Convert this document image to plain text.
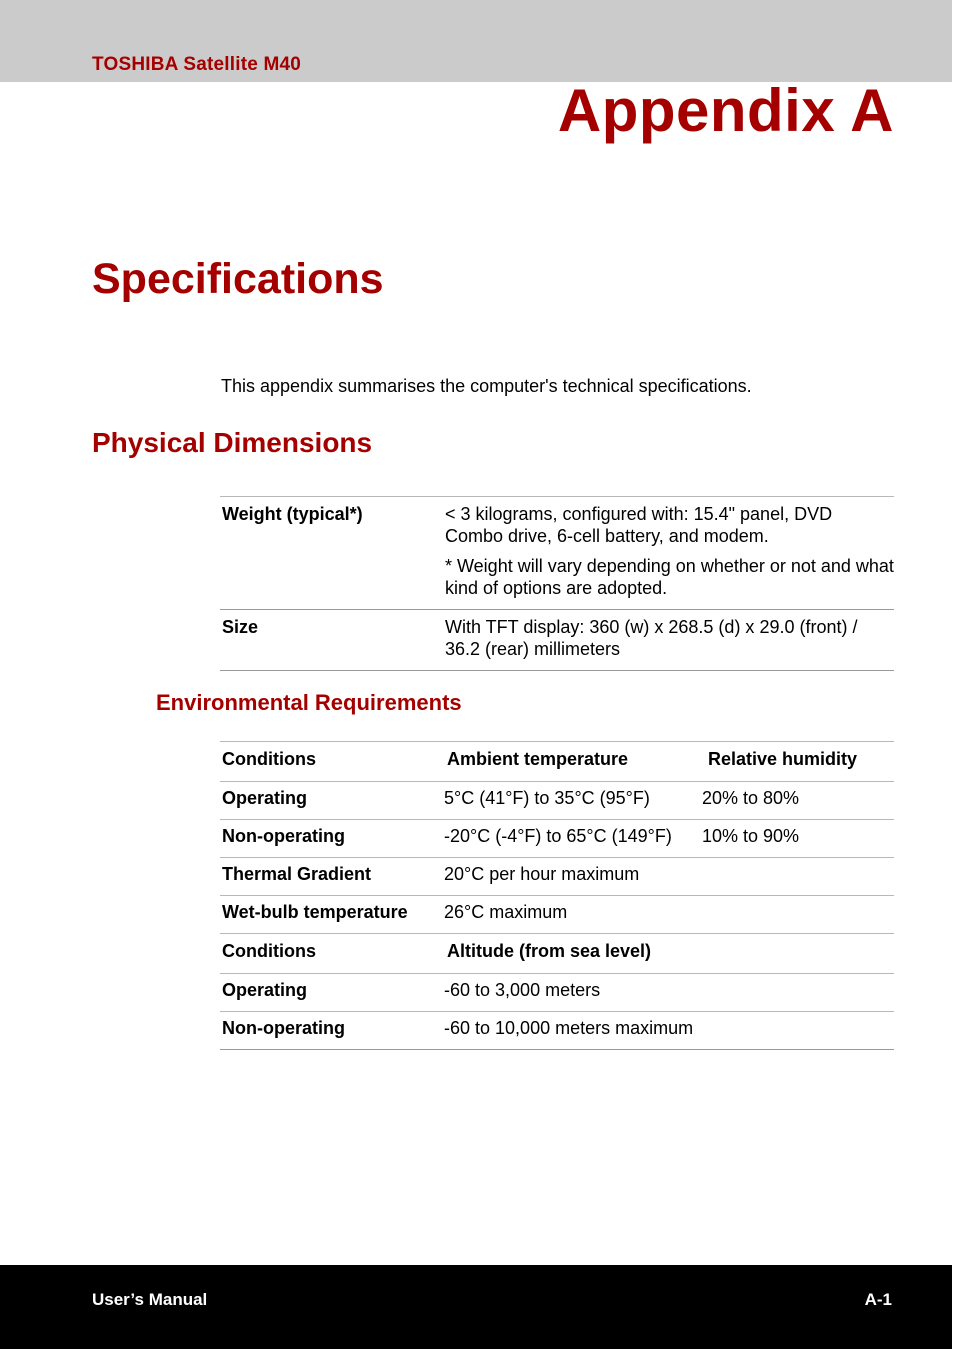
TOSHIBA Satellite M40
Appendix A
Specifications
This appendix summarises the computer's technical specifications.
Physical Dimensions
Weight (typical*)	< 3 kilograms, configured with: 15.4" panel, DVD Combo drive, 6-cell battery, and modem.

* Weight will vary depending on whether or not and what kind of options are adopted.

Size	With TFT display: 360 (w) x 268.5 (d) x 29.0 (front) / 36.2 (rear) millimeters

Environmental Requirements
Conditions	Ambient temperature	Relative humidity
Operating	5°C (41°F) to 35°C (95°F)	20% to 80%
Non-operating	-20°C (-4°F) to 65°C (149°F)	10% to 90%
Thermal Gradient	20°C per hour maximum	
Wet-bulb temperature	26°C maximum	
Conditions	Altitude (from sea level)	
Operating	-60 to 3,000 meters	
Non-operating	-60 to 10,000 meters maximum	
User’s Manual	A-1
